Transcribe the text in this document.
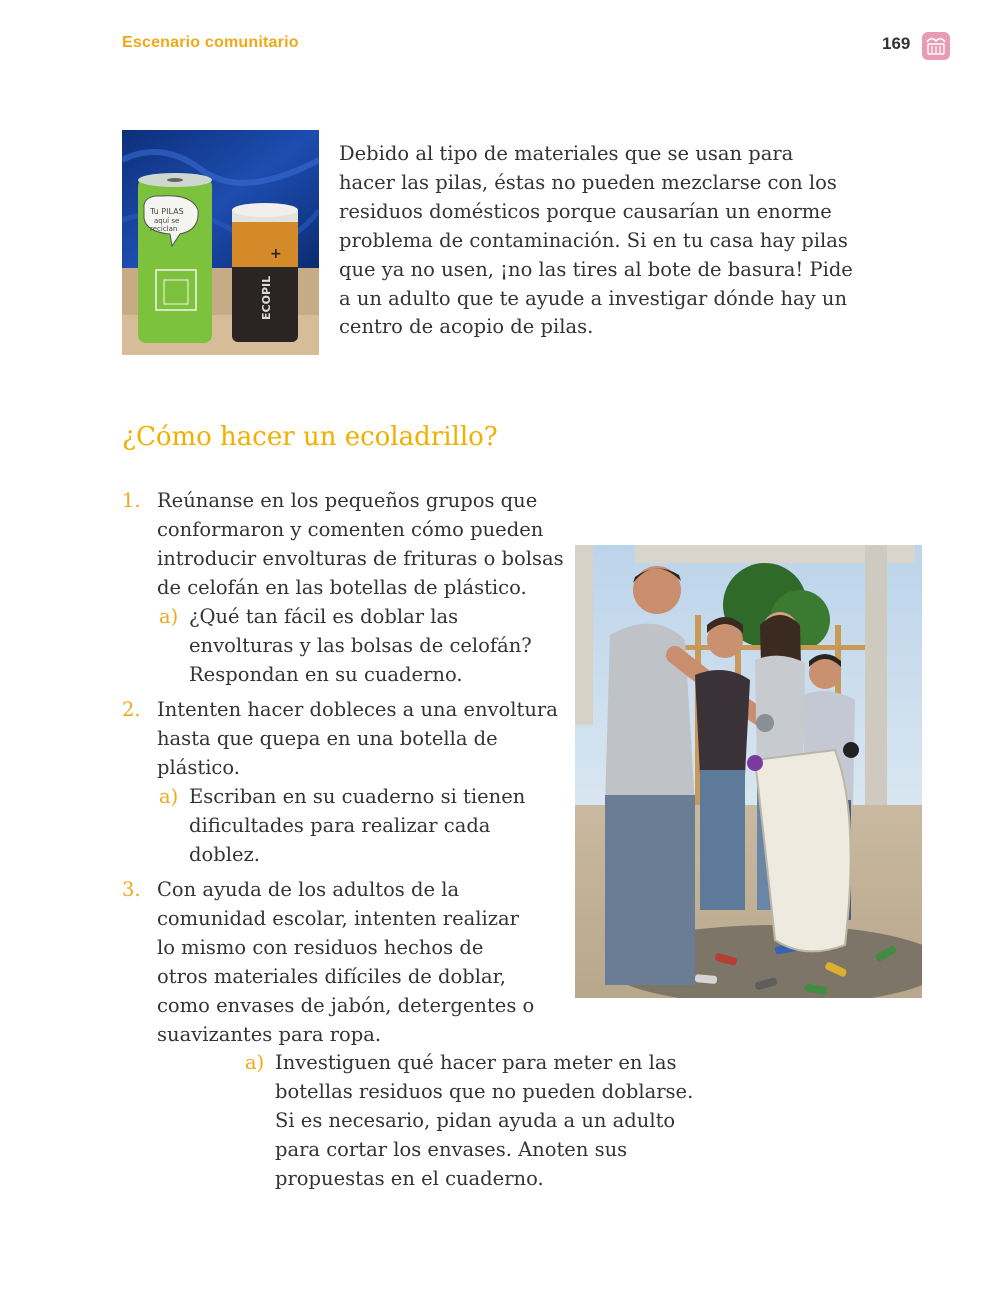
Escenario comunitario	169
Tu PILAS
aquí se
reciclan
+
ECOPIL
Debido al tipo de materiales que se usan para
hacer las pilas, éstas no pueden mezclarse con los
residuos domésticos porque causarían un enorme
problema de contaminación. Si en tu casa hay pilas
que ya no usen, ¡no las tires al bote de basura! Pide
a un adulto que te ayude a investigar dónde hay un
centro de acopio de pilas.
¿Cómo hacer un ecoladrillo?
1. Reúnanse en los pequeños grupos que
conformaron y comenten cómo pueden
introducir envolturas de frituras o bolsas
de celofán en las botellas de plástico.
a) ¿Qué tan fácil es doblar las
envolturas y las bolsas de celofán?
Respondan en su cuaderno.
2. Intenten hacer dobleces a una envoltura
hasta que quepa en una botella de
plástico.
a) Escriban en su cuaderno si tienen
dificultades para realizar cada
doblez.
3. Con ayuda de los adultos de la
comunidad escolar, intenten realizar
lo mismo con residuos hechos de
otros materiales difíciles de doblar,
como envases de jabón, detergentes o
suavizantes para ropa.
a) Investiguen qué hacer para meter en las
botellas residuos que no pueden doblarse.
Si es necesario, pidan ayuda a un adulto
para cortar los envases. Anoten sus
propuestas en el cuaderno.
